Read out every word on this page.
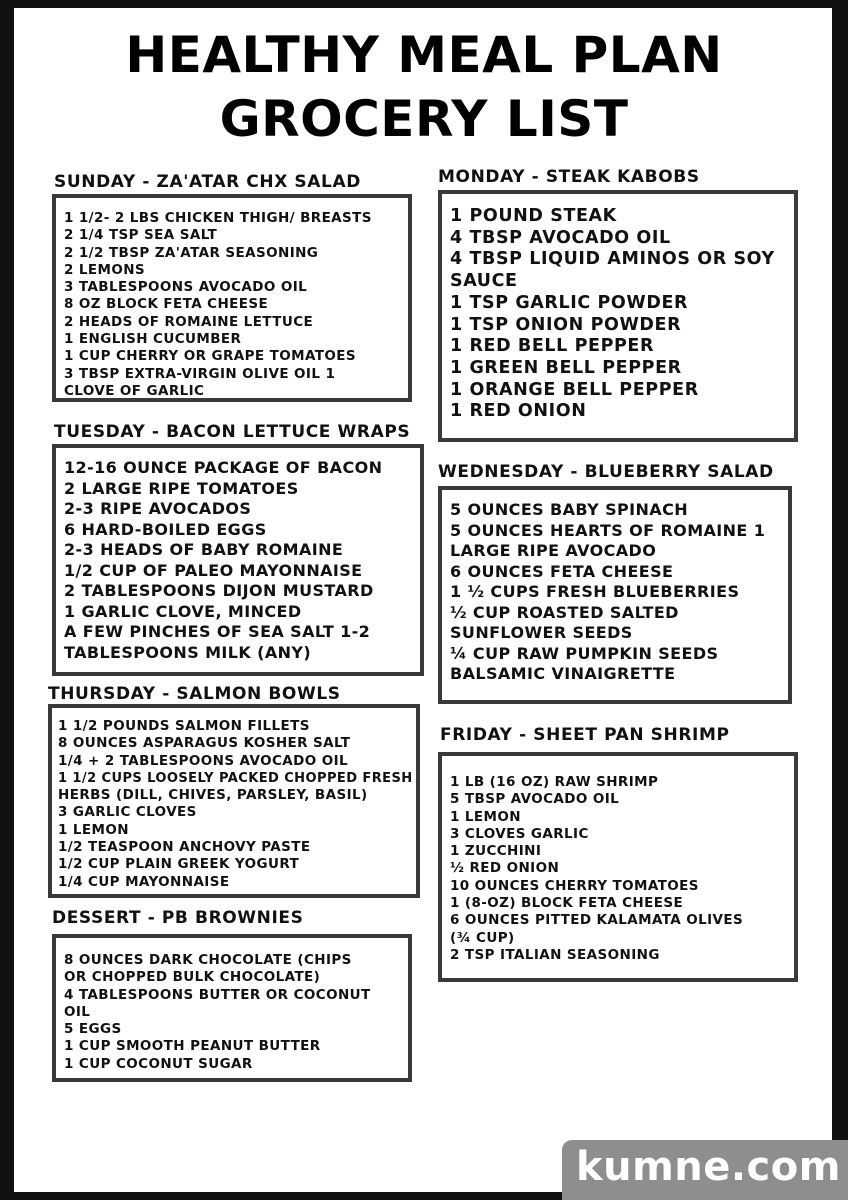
HEALTHY MEAL PLAN
GROCERY LIST
SUNDAY - ZA'ATAR CHX SALAD
1 1/2- 2 LBS CHICKEN THIGH/ BREASTS
2 1/4 TSP SEA SALT
2 1/2 TBSP ZA'ATAR SEASONING
2 LEMONS
3 TABLESPOONS AVOCADO OIL
8 OZ BLOCK FETA CHEESE
2 HEADS OF ROMAINE LETTUCE
1 ENGLISH CUCUMBER
1 CUP CHERRY OR GRAPE TOMATOES
3 TBSP EXTRA-VIRGIN OLIVE OIL 1
CLOVE OF GARLIC
MONDAY - STEAK KABOBS
1 POUND STEAK
4 TBSP AVOCADO OIL
4 TBSP LIQUID AMINOS OR SOY
SAUCE
1 TSP GARLIC POWDER
1 TSP ONION POWDER
1 RED BELL PEPPER
1 GREEN BELL PEPPER
1 ORANGE BELL PEPPER
1 RED ONION
TUESDAY - BACON LETTUCE WRAPS
12-16 OUNCE PACKAGE OF BACON
2 LARGE RIPE TOMATOES
2-3 RIPE AVOCADOS
6 HARD-BOILED EGGS
2-3 HEADS OF BABY ROMAINE
1/2 CUP OF PALEO MAYONNAISE
2 TABLESPOONS DIJON MUSTARD
1 GARLIC CLOVE, MINCED
A FEW PINCHES OF SEA SALT 1-2
TABLESPOONS MILK (ANY)
WEDNESDAY - BLUEBERRY SALAD
5 OUNCES BABY SPINACH
5 OUNCES HEARTS OF ROMAINE 1
LARGE RIPE AVOCADO
6 OUNCES FETA CHEESE
1 ½ CUPS FRESH BLUEBERRIES
½ CUP ROASTED SALTED
SUNFLOWER SEEDS
¼ CUP RAW PUMPKIN SEEDS
BALSAMIC VINAIGRETTE
THURSDAY - SALMON BOWLS
1 1/2 POUNDS SALMON FILLETS
8 OUNCES ASPARAGUS KOSHER SALT
1/4 + 2 TABLESPOONS AVOCADO OIL
1 1/2 CUPS LOOSELY PACKED CHOPPED FRESH
HERBS (DILL, CHIVES, PARSLEY, BASIL)
3 GARLIC CLOVES
1 LEMON
1/2 TEASPOON ANCHOVY PASTE
1/2 CUP PLAIN GREEK YOGURT
1/4 CUP MAYONNAISE
FRIDAY - SHEET PAN SHRIMP
1 LB (16 OZ) RAW SHRIMP
5 TBSP AVOCADO OIL
1 LEMON
3 CLOVES GARLIC
1 ZUCCHINI
½ RED ONION
10 OUNCES CHERRY TOMATOES
1 (8-OZ) BLOCK FETA CHEESE
6 OUNCES PITTED KALAMATA OLIVES
(¾ CUP)
2 TSP ITALIAN SEASONING
DESSERT - PB BROWNIES
8 OUNCES DARK CHOCOLATE (CHIPS
OR CHOPPED BULK CHOCOLATE)
4 TABLESPOONS BUTTER OR COCONUT
OIL
5 EGGS
1 CUP SMOOTH PEANUT BUTTER
1 CUP COCONUT SUGAR
kumne.com
